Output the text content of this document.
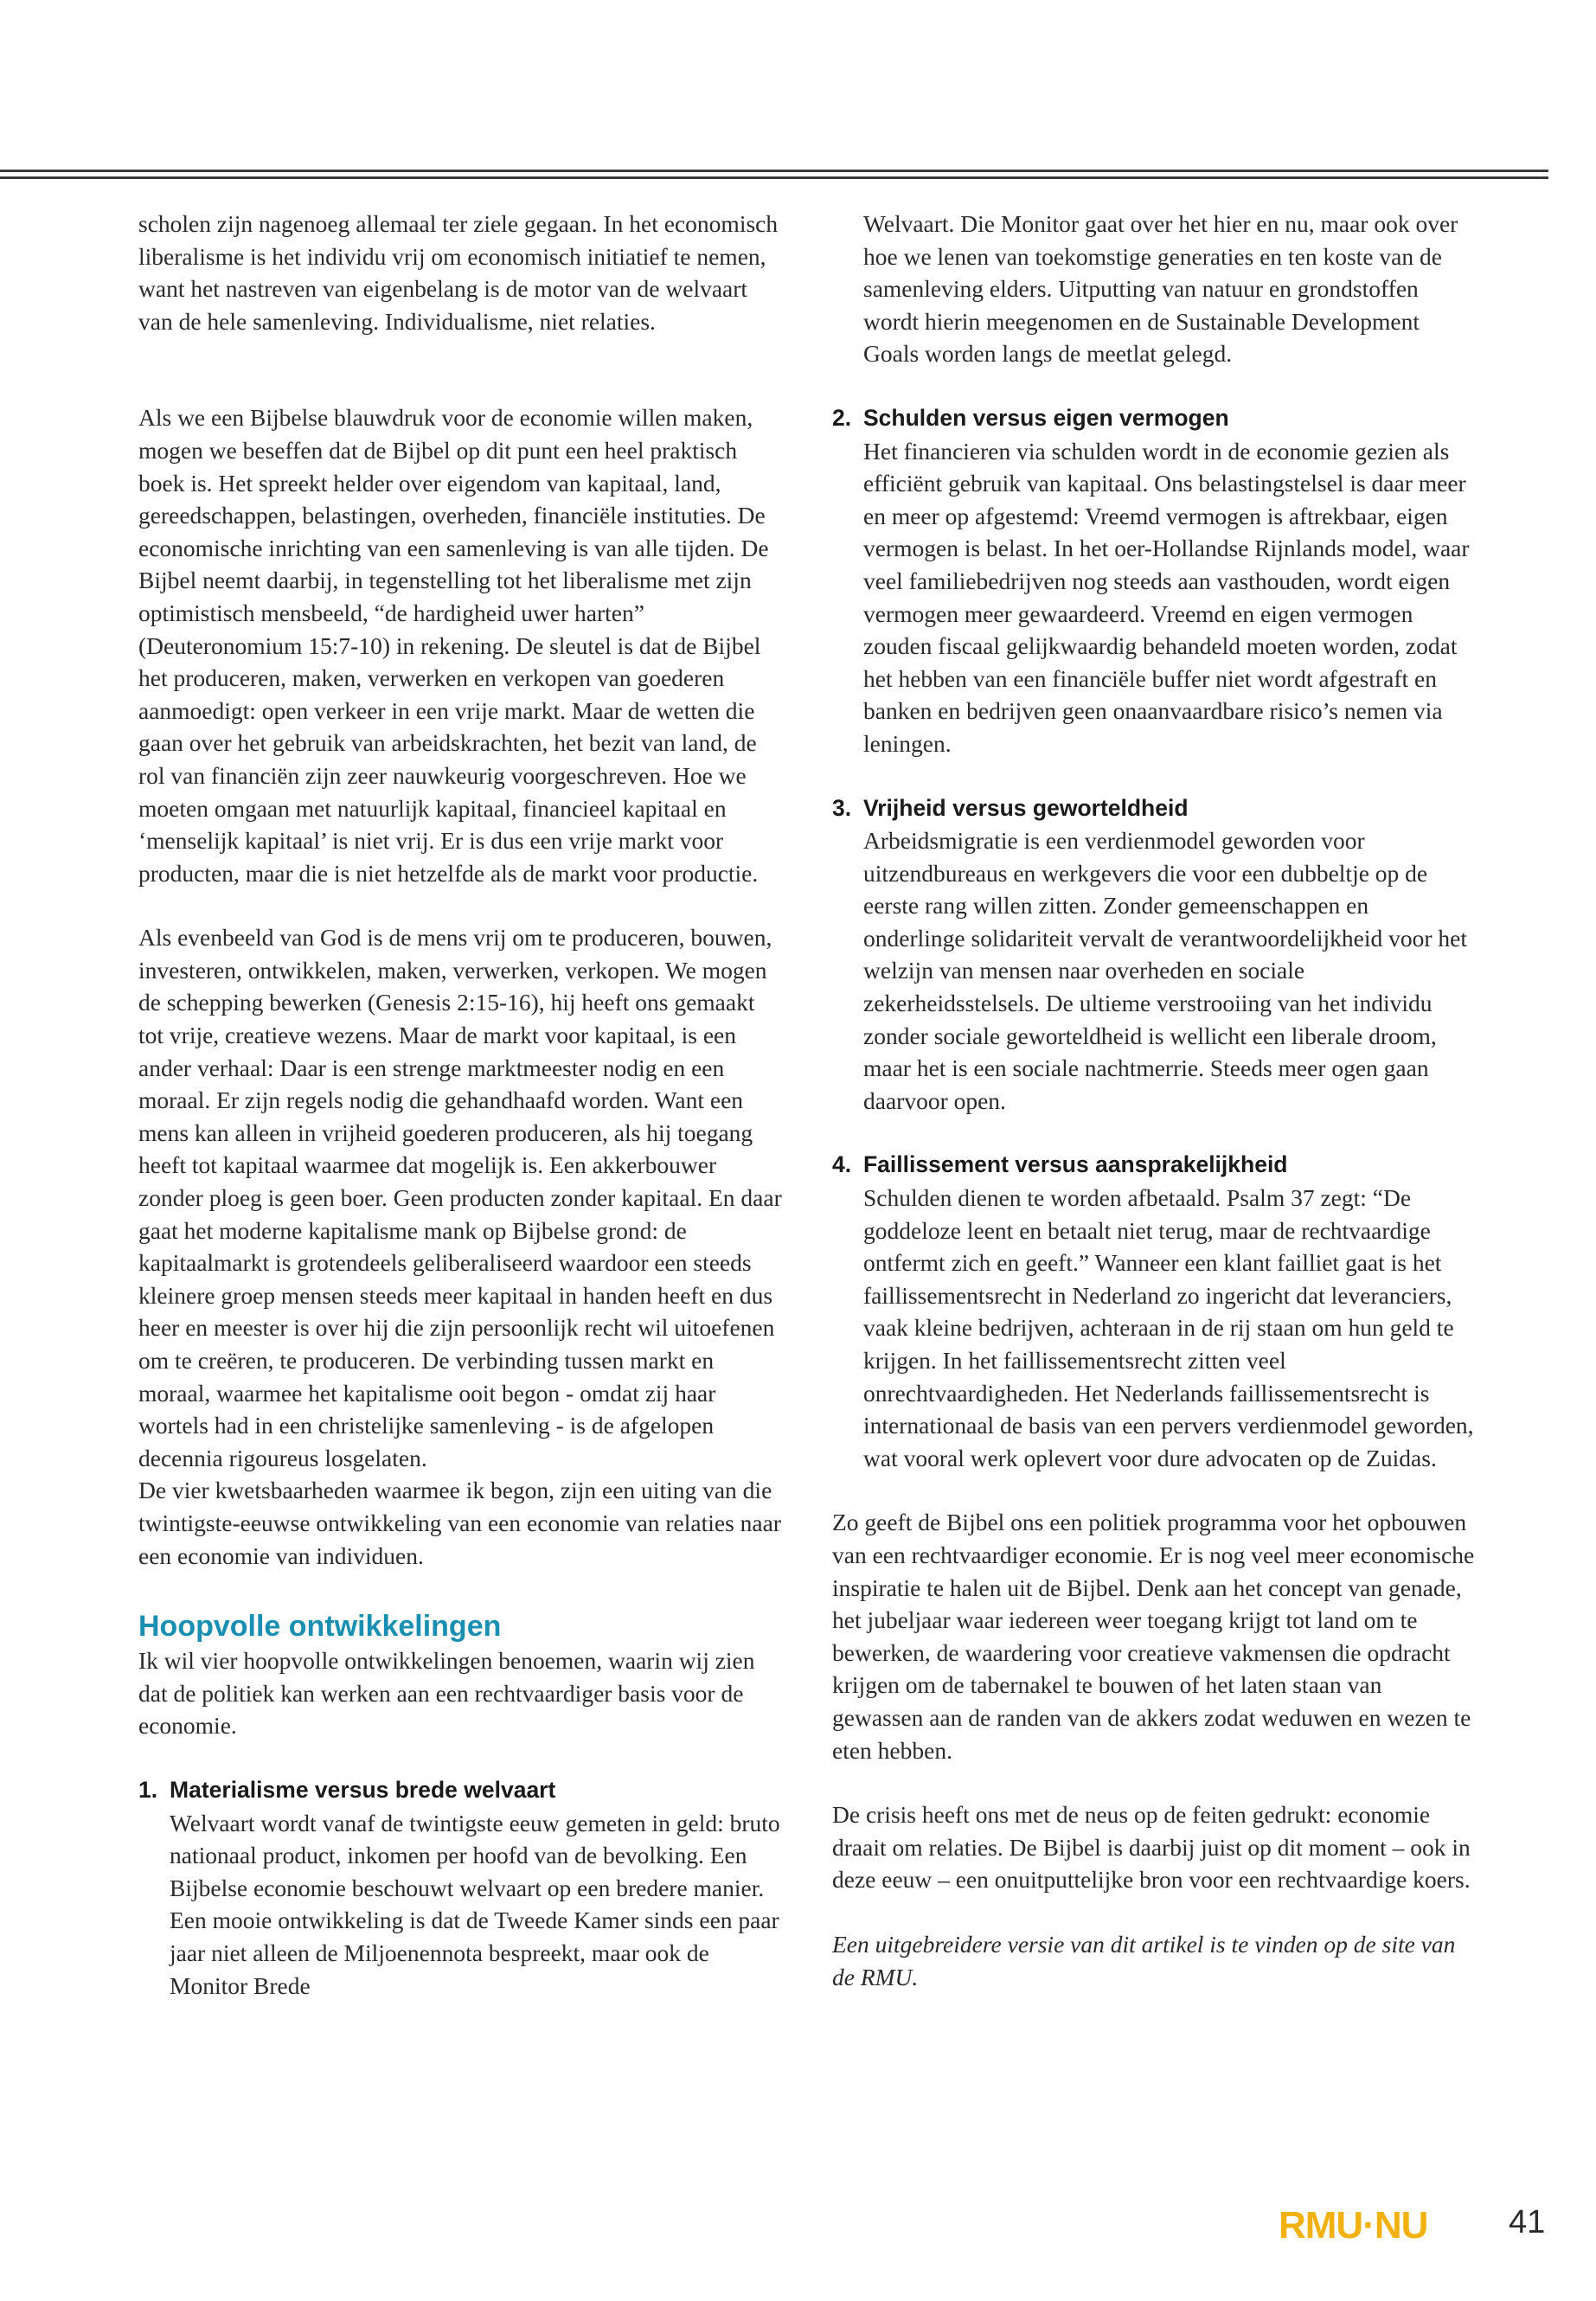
scholen zijn nagenoeg allemaal ter ziele gegaan. In het economisch liberalisme is het individu vrij om economisch initiatief te nemen, want het nastreven van eigenbelang is de motor van de welvaart van de hele samenleving. Individualisme, niet relaties.

Als we een Bijbelse blauwdruk voor de economie willen maken, mogen we beseffen dat de Bijbel op dit punt een heel praktisch boek is. Het spreekt helder over eigendom van kapitaal, land, gereedschappen, belastingen, overheden, financiële instituties. De economische inrichting van een samenleving is van alle tijden. De Bijbel neemt daarbij, in tegenstelling tot het liberalisme met zijn optimistisch mensbeeld, “de hardigheid uwer harten” (Deuteronomium 15:7-10) in rekening. De sleutel is dat de Bijbel het produceren, maken, verwerken en verkopen van goederen aanmoedigt: open verkeer in een vrije markt. Maar de wetten die gaan over het gebruik van arbeidskrachten, het bezit van land, de rol van financiën zijn zeer nauwkeurig voorgeschreven. Hoe we moeten omgaan met natuurlijk kapitaal, financieel kapitaal en ‘menselijk kapitaal’ is niet vrij. Er is dus een vrije markt voor producten, maar die is niet hetzelfde als de markt voor productie.

Als evenbeeld van God is de mens vrij om te produceren, bouwen, investeren, ontwikkelen, maken, verwerken, verkopen. We mogen de schepping bewerken (Genesis 2:15-16), hij heeft ons gemaakt tot vrije, creatieve wezens. Maar de markt voor kapitaal, is een ander verhaal: Daar is een strenge marktmeester nodig en een moraal. Er zijn regels nodig die gehandhaafd worden. Want een mens kan alleen in vrijheid goederen produceren, als hij toegang heeft tot kapitaal waarmee dat mogelijk is. Een akkerbouwer zonder ploeg is geen boer. Geen producten zonder kapitaal. En daar gaat het moderne kapitalisme mank op Bijbelse grond: de kapitaalmarkt is grotendeels geliberaliseerd waardoor een steeds kleinere groep mensen steeds meer kapitaal in handen heeft en dus heer en meester is over hij die zijn persoonlijk recht wil uitoefenen om te creëren, te produceren. De verbinding tussen markt en moraal, waarmee het kapitalisme ooit begon - omdat zij haar wortels had in een christelijke samenleving - is de afgelopen decennia rigoureus losgelaten.

De vier kwetsbaarheden waarmee ik begon, zijn een uiting van die twintigste-eeuwse ontwikkeling van een economie van relaties naar een economie van individuen.

Hoopvolle ontwikkelingen

Ik wil vier hoopvolle ontwikkelingen benoemen, waarin wij zien dat de politiek kan werken aan een rechtvaardiger basis voor de economie.

1. Materialisme versus brede welvaart

Welvaart wordt vanaf de twintigste eeuw gemeten in geld: bruto nationaal product, inkomen per hoofd van de bevolking. Een Bijbelse economie beschouwt welvaart op een bredere manier. Een mooie ontwikkeling is dat de Tweede Kamer sinds een paar jaar niet alleen de Miljoenennota bespreekt, maar ook de Monitor Brede

Welvaart. Die Monitor gaat over het hier en nu, maar ook over hoe we lenen van toekomstige generaties en ten koste van de samenleving elders. Uitputting van natuur en grondstoffen wordt hierin meegenomen en de Sustainable Development Goals worden langs de meetlat gelegd.

2. Schulden versus eigen vermogen

Het financieren via schulden wordt in de economie gezien als efficiënt gebruik van kapitaal. Ons belastingstelsel is daar meer en meer op afgestemd: Vreemd vermogen is aftrekbaar, eigen vermogen is belast. In het oer-Hollandse Rijnlands model, waar veel familiebedrijven nog steeds aan vasthouden, wordt eigen vermogen meer gewaardeerd. Vreemd en eigen vermogen zouden fiscaal gelijkwaardig behandeld moeten worden, zodat het hebben van een financiële buffer niet wordt afgestraft en banken en bedrijven geen onaanvaardbare risico’s nemen via leningen.

3. Vrijheid versus geworteldheid

Arbeidsmigratie is een verdienmodel geworden voor uitzendbureaus en werkgevers die voor een dubbeltje op de eerste rang willen zitten. Zonder gemeenschappen en onderlinge solidariteit vervalt de verantwoordelijkheid voor het welzijn van mensen naar overheden en sociale zekerheidsstelsels. De ultieme verstrooiing van het individu zonder sociale geworteldheid is wellicht een liberale droom, maar het is een sociale nachtmerrie. Steeds meer ogen gaan daarvoor open.

4. Faillissement versus aansprakelijkheid

Schulden dienen te worden afbetaald. Psalm 37 zegt: “De goddeloze leent en betaalt niet terug, maar de rechtvaardige ontfermt zich en geeft.” Wanneer een klant failliet gaat is het faillissementsrecht in Nederland zo ingericht dat leveranciers, vaak kleine bedrijven, achteraan in de rij staan om hun geld te krijgen. In het faillissementsrecht zitten veel onrechtvaardigheden. Het Nederlands faillissementsrecht is internationaal de basis van een pervers verdienmodel geworden, wat vooral werk oplevert voor dure advocaten op de Zuidas.

Zo geeft de Bijbel ons een politiek programma voor het opbouwen van een rechtvaardiger economie. Er is nog veel meer economische inspiratie te halen uit de Bijbel. Denk aan het concept van genade, het jubeljaar waar iedereen weer toegang krijgt tot land om te bewerken, de waardering voor creatieve vakmensen die opdracht krijgen om de tabernakel te bouwen of het laten staan van gewassen aan de randen van de akkers zodat weduwen en wezen te eten hebben.

De crisis heeft ons met de neus op de feiten gedrukt: economie draait om relaties. De Bijbel is daarbij juist op dit moment – ook in deze eeuw – een onuitputtelijke bron voor een rechtvaardige koers.

Een uitgebreidere versie van dit artikel is te vinden op de site van de RMU.

RMU·NU 41
